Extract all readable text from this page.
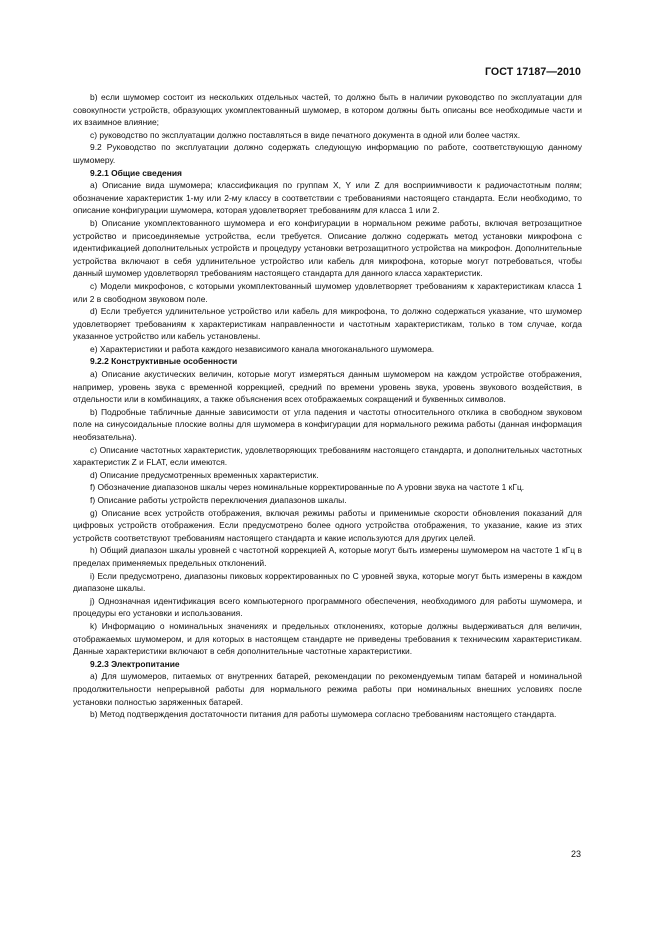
ГОСТ 17187—2010

b) если шумомер состоит из нескольких отдельных частей, то должно быть в наличии руководство по эксплуатации для совокупности устройств, образующих укомплектованный шумомер, в котором должны быть описаны все необходимые части и их взаимное влияние;

c) руководство по эксплуатации должно поставляться в виде печатного документа в одной или более частях.

9.2 Руководство по эксплуатации должно содержать следующую информацию по работе, соответствующую данному шумомеру.

9.2.1 Общие сведения

a) Описание вида шумомера; классификация по группам X, Y или Z для восприимчивости к радиочастотным полям; обозначение характеристик 1-му или 2-му классу в соответствии с требованиями настоящего стандарта. Если необходимо, то описание конфигурации шумомера, которая удовлетворяет требованиям для класса 1 или 2.

b) Описание укомплектованного шумомера и его конфигурации в нормальном режиме работы, включая ветрозащитное устройство и присоединяемые устройства, если требуется. Описание должно содержать метод установки микрофона с идентификацией дополнительных устройств и процедуру установки ветрозащитного устройства на микрофон. Дополнительные устройства включают в себя удлинительное устройство или кабель для микрофона, которые могут потребоваться, чтобы данный шумомер удовлетворял требованиям настоящего стандарта для данного класса характеристик.

c) Модели микрофонов, с которыми укомплектованный шумомер удовлетворяет требованиям к характеристикам класса 1 или 2 в свободном звуковом поле.

d) Если требуется удлинительное устройство или кабель для микрофона, то должно содержаться указание, что шумомер удовлетворяет требованиям к характеристикам направленности и частотным характеристикам, только в том случае, когда указанное устройство или кабель установлены.

e) Характеристики и работа каждого независимого канала многоканального шумомера.

9.2.2 Конструктивные особенности

a) Описание акустических величин, которые могут измеряться данным шумомером на каждом устройстве отображения, например, уровень звука с временной коррекцией, средний по времени уровень звука, уровень звукового воздействия, в отдельности или в комбинациях, а также объяснения всех отображаемых сокращений и буквенных символов.

b) Подробные табличные данные зависимости от угла падения и частоты относительного отклика в свободном звуковом поле на синусоидальные плоские волны для шумомера в конфигурации для нормального режима работы (данная информация необязательна).

c) Описание частотных характеристик, удовлетворяющих требованиям настоящего стандарта, и дополнительных частотных характеристик Z и FLAT, если имеются.

d) Описание предусмотренных временных характеристик.

f) Обозначение диапазонов шкалы через номинальные корректированные по A уровни звука на частоте 1 кГц.

f) Описание работы устройств переключения диапазонов шкалы.

g) Описание всех устройств отображения, включая режимы работы и применимые скорости обновления показаний для цифровых устройств отображения. Если предусмотрено более одного устройства отображения, то указание, какие из этих устройств соответствуют требованиям настоящего стандарта и какие используются для других целей.

h) Общий диапазон шкалы уровней с частотной коррекцией A, которые могут быть измерены шумомером на частоте 1 кГц в пределах применяемых предельных отклонений.

i) Если предусмотрено, диапазоны пиковых корректированных по C уровней звука, которые могут быть измерены в каждом диапазоне шкалы.

j) Однозначная идентификация всего компьютерного программного обеспечения, необходимого для работы шумомера, и процедуры его установки и использования.

k) Информацию о номинальных значениях и предельных отклонениях, которые должны выдерживаться для величин, отображаемых шумомером, и для которых в настоящем стандарте не приведены требования к техническим характеристикам. Данные характеристики включают в себя дополнительные частотные характеристики.

9.2.3 Электропитание

a) Для шумомеров, питаемых от внутренних батарей, рекомендации по рекомендуемым типам батарей и номинальной продолжительности непрерывной работы для нормального режима работы при номинальных внешних условиях после установки полностью заряженных батарей.

b) Метод подтверждения достаточности питания для работы шумомера согласно требованиям настоящего стандарта.

23
